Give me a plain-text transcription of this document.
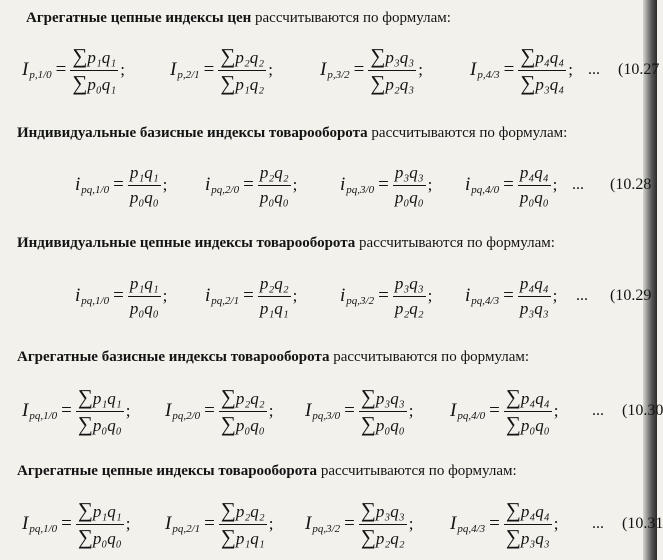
Агрегатные цепные индексы цен рассчитываются по формулам:
Индивидуальные базисные индексы товарооборота рассчитываются по формулам:
Индивидуальные цепные индексы товарооборота рассчитываются по формулам:
Агрегатные базисные индексы товарооборота рассчитываются по формулам:
Агрегатные цепные индексы товарооборота рассчитываются по формулам:
I $p,1/0 = \frac{\text{∑p₁q₁}}{\text{∑p₀q₁}}$ ; I $p,2/1 = \frac{\text{∑p₂q₂}}{\text{∑p₁q₂}}$ ; I $p,3/2 = \frac{\text{∑p₃q₃}}{\text{∑p₂q₃}}$ ; I $p,4/3 = \frac{\text{∑p₄q₄}}{\text{∑p₃q₄}}$ ; ... (10.27
i $pq,1/0 = \frac{\text{p₁q₁}}{\text{p₀q₀}}$ ; i $pq,2/0 = \frac{\text{p₂q₂}}{\text{p₀q₀}}$ ; i $pq,3/0 = \frac{\text{p₃q₃}}{\text{p₀q₀}}$ ; i $pq,4/0 = \frac{\text{p₄q₄}}{\text{p₀q₀}}$ ; ... (10.28
i $pq,1/0 = \frac{\text{p₁q₁}}{\text{p₀q₀}}$ ; i $pq,2/1 = \frac{\text{p₂q₂}}{\text{p₁q₁}}$ ; i $pq,3/2 = \frac{\text{p₃q₃}}{\text{p₂q₂}}$ ; i $pq,4/3 = \frac{\text{p₄q₄}}{\text{p₃q₃}}$ ; ... (10.29
I $pq,1/0 = \frac{\text{∑p₁q₁}}{\text{∑p₀q₀}}$ ; I $pq,2/0 = \frac{\text{∑p₂q₂}}{\text{∑p₀q₀}}$ ; I $pq,3/0 = \frac{\text{∑p₃q₃}}{\text{∑p₀q₀}}$ ; I $pq,4/0 = \frac{\text{∑p₄q₄}}{\text{∑p₀q₀}}$ ; ... (10.30
I $pq,1/0 = \frac{\text{∑p₁q₁}}{\text{∑p₀q₀}}$ ; I $pq,2/1 = \frac{\text{∑p₂q₂}}{\text{∑p₁q₁}}$ ; I $pq,3/2 = \frac{\text{∑p₃q₃}}{\text{∑p₂q₂}}$ ; I $pq,4/3 = \frac{\text{∑p₄q₄}}{\text{∑p₃q₃}}$ ; ... (10.31
